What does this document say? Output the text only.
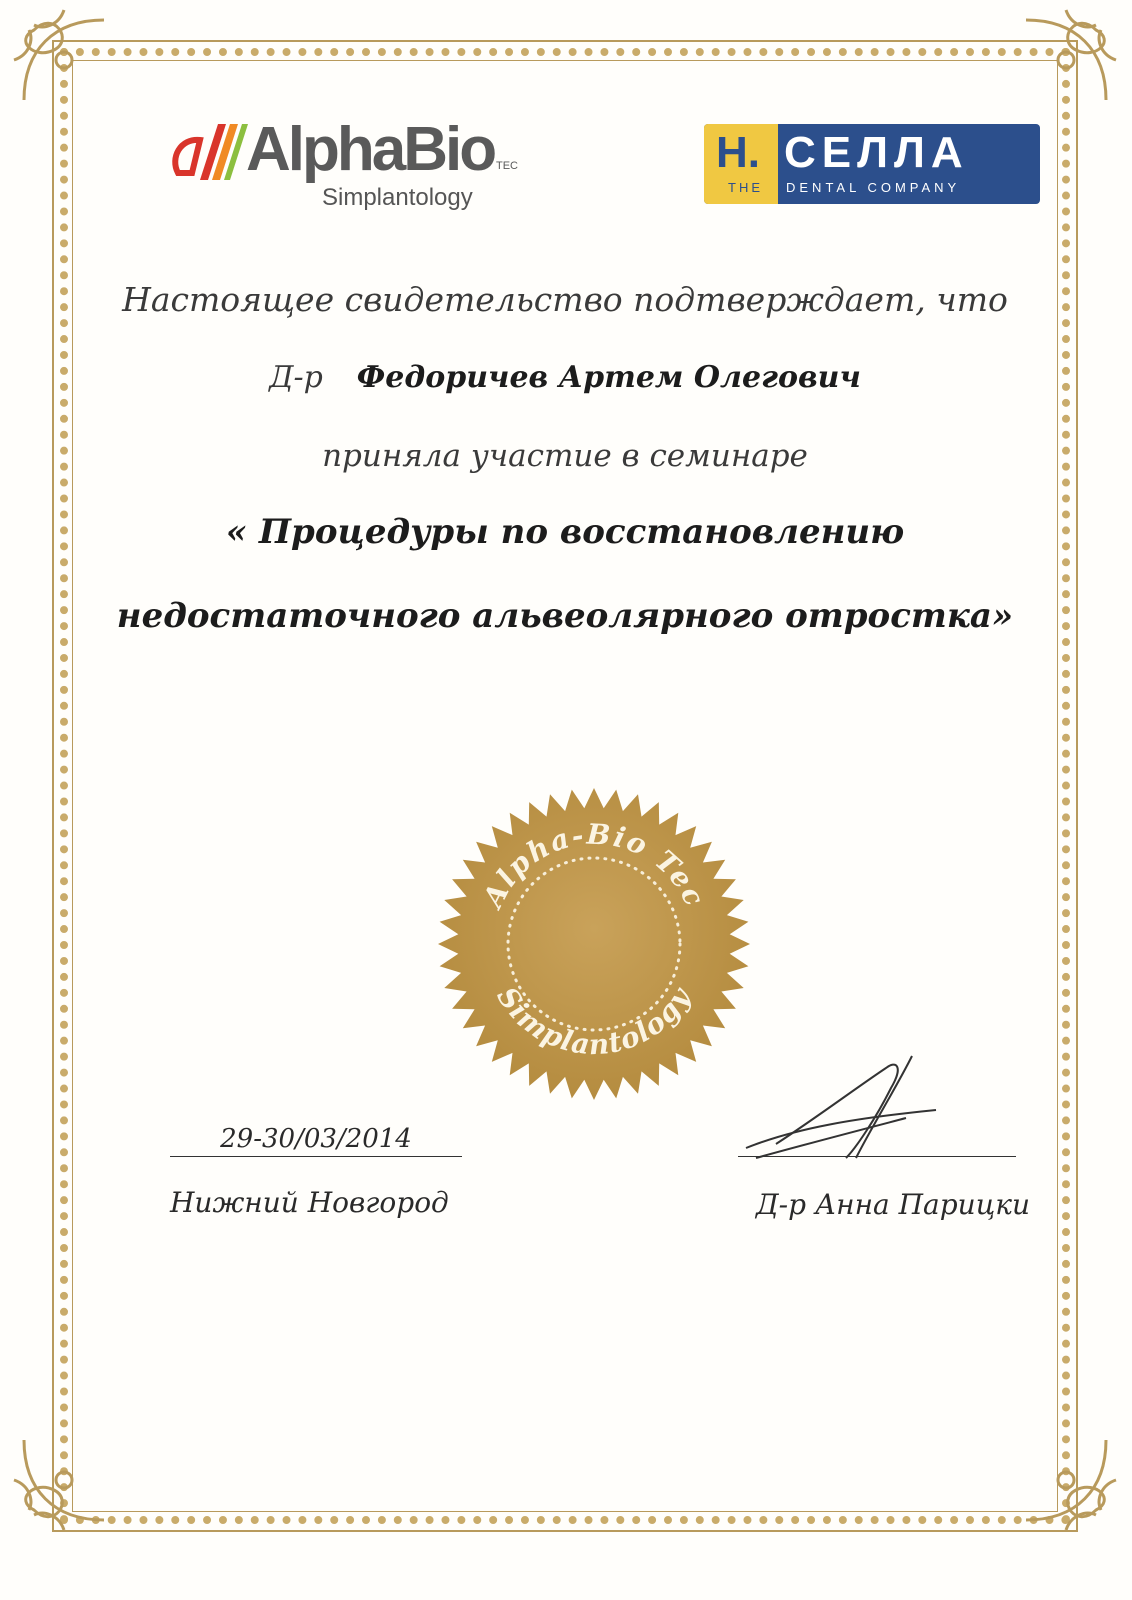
AlphaBio TEC
Simplantology
H.
THE
СЕЛЛА
DENTAL COMPANY
Настоящее свидетельство подтверждает, что
Д-р Федоричев Артем Олегович
приняла участие в семинаре
« Процедуры по восстановлению
недостаточного альвеолярного отростка»
Alpha-Bio Tec
Simplantology
29-30/03/2014
Нижний Новгород	Д-р Анна Парицки
